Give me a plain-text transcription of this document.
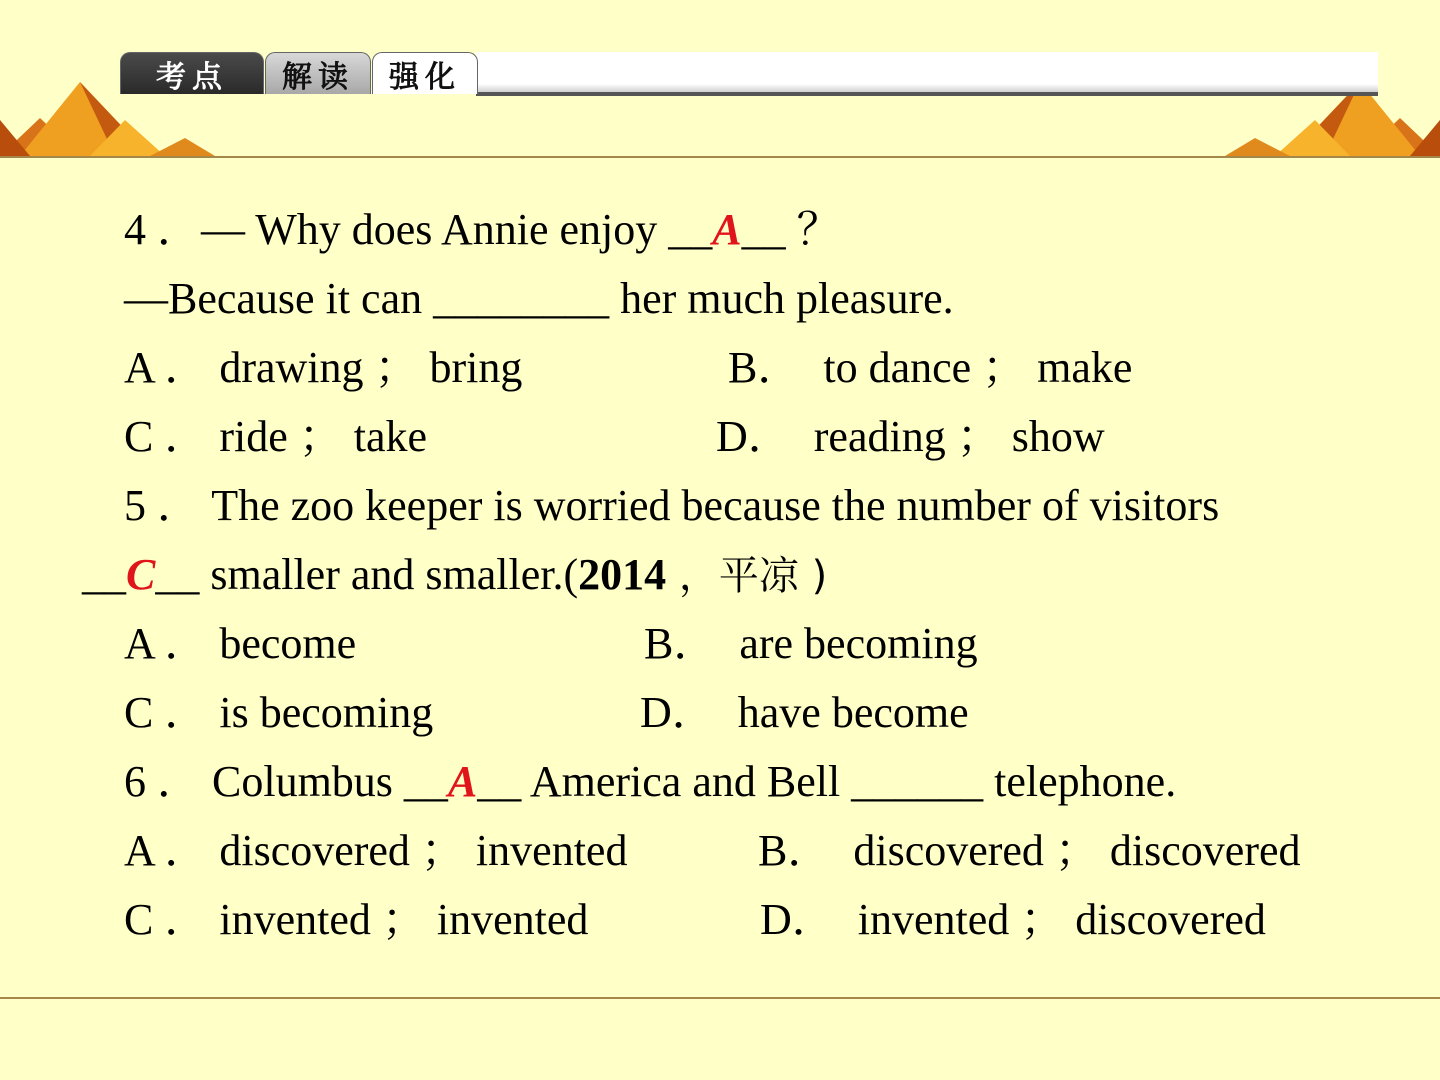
考点	解读	强化
4 ．— Why does Annie enjoy __A__ ？
—Because it can ________ her much pleasure.
A ． drawing ； bring	B．  to dance ； make
C ． ride ； take	D．  reading ； show
5 ． The zoo keeper is worried because the number of visitors
__C__ smaller and smaller.(2014 ，平凉 )
A ． become	B．  are becoming
C ． is becoming	D．  have become
6 ． Columbus __A__ America and Bell ______ telephone.
A ． discovered ； invented	B．  discovered ； discovered
C ． invented ； invented	D．  invented ； discovered
